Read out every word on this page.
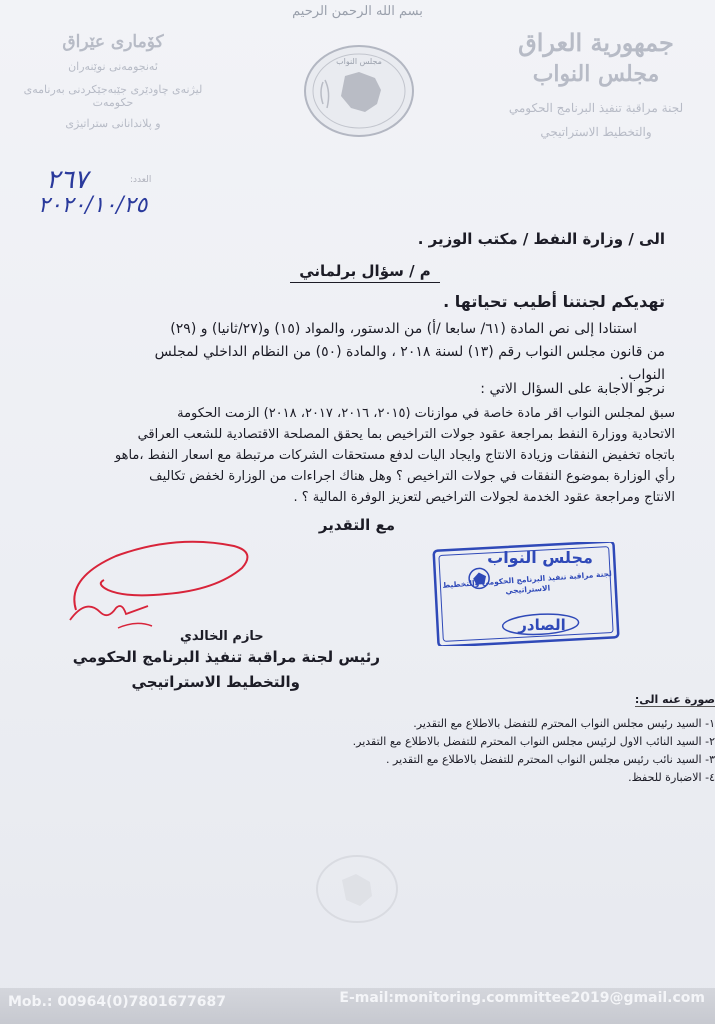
بسم الله الرحمن الرحيم
جمهورية العراق
مجلس النواب
لجنة مراقبة تنفيذ البرنامج الحكومي
والتخطيط الاستراتيجي
كۆماری عێراق
ئه‌نجومه‌نی نوێنه‌ران
لیژنه‌ی چاودێری جێبه‌جێکردنی به‌رنامه‌ی حکومه‌ت
و پلاندانانی ستراتیژی
مجلس النواب
العدد:
٢٦٧
٢٠٢٠/١٠/٢٥
الى / وزارة النفط / مكتب الوزير .
م / سؤال برلماني
تهديكم لجنتنا أطيب تحياتها .
استنادا إلى نص المادة (٦١/ سابعا /أ) من الدستور، والمواد (١٥) و(٢٧/ثانيا) و (٢٩)
من قانون مجلس النواب رقم (١٣) لسنة ٢٠١٨ ، والمادة (٥٠) من النظام الداخلي لمجلس
النواب .
نرجو الاجابة على السؤال الاتي :
سبق لمجلس النواب اقر مادة خاصة في موازنات (٢٠١٥، ٢٠١٦، ٢٠١٧، ٢٠١٨) الزمت الحكومة
الاتحادية ووزارة النفط بمراجعة عقود جولات التراخيص بما يحقق المصلحة الاقتصادية للشعب العراقي
باتجاه تخفيض النفقات وزيادة الانتاج وايجاد اليات لدفع مستحقات الشركات مرتبطة مع اسعار النفط ،ماهو
رأي الوزارة بموضوع النفقات في جولات التراخيص ؟ وهل هناك اجراءات من الوزارة لخفض تكاليف
الانتاج ومراجعة عقود الخدمة لجولات التراخيص لتعزيز الوفرة المالية ؟ .
مع التقدير
حازم الخالدي
رئيس لجنة مراقبة تنفيذ البرنامج الحكومي
والتخطيط الاستراتيجي
مجلس النواب
لجنة مراقبة تنفيذ البرنامج الحكومي والتخطيط الاستراتيجي
الصادر
صورة عنه الى:
١- السيد رئيس مجلس النواب المحترم للتفضل بالاطلاع مع التقدير.
٢- السيد النائب الاول لرئيس مجلس النواب المحترم للتفضل بالاطلاع مع التقدير.
٣- السيد نائب رئيس مجلس النواب المحترم للتفضل بالاطلاع مع التقدير .
٤- الاضبارة للحفظ.
Mob.: 00964(0)7801677687	E-mail:monitoring.committee2019@gmail.com
